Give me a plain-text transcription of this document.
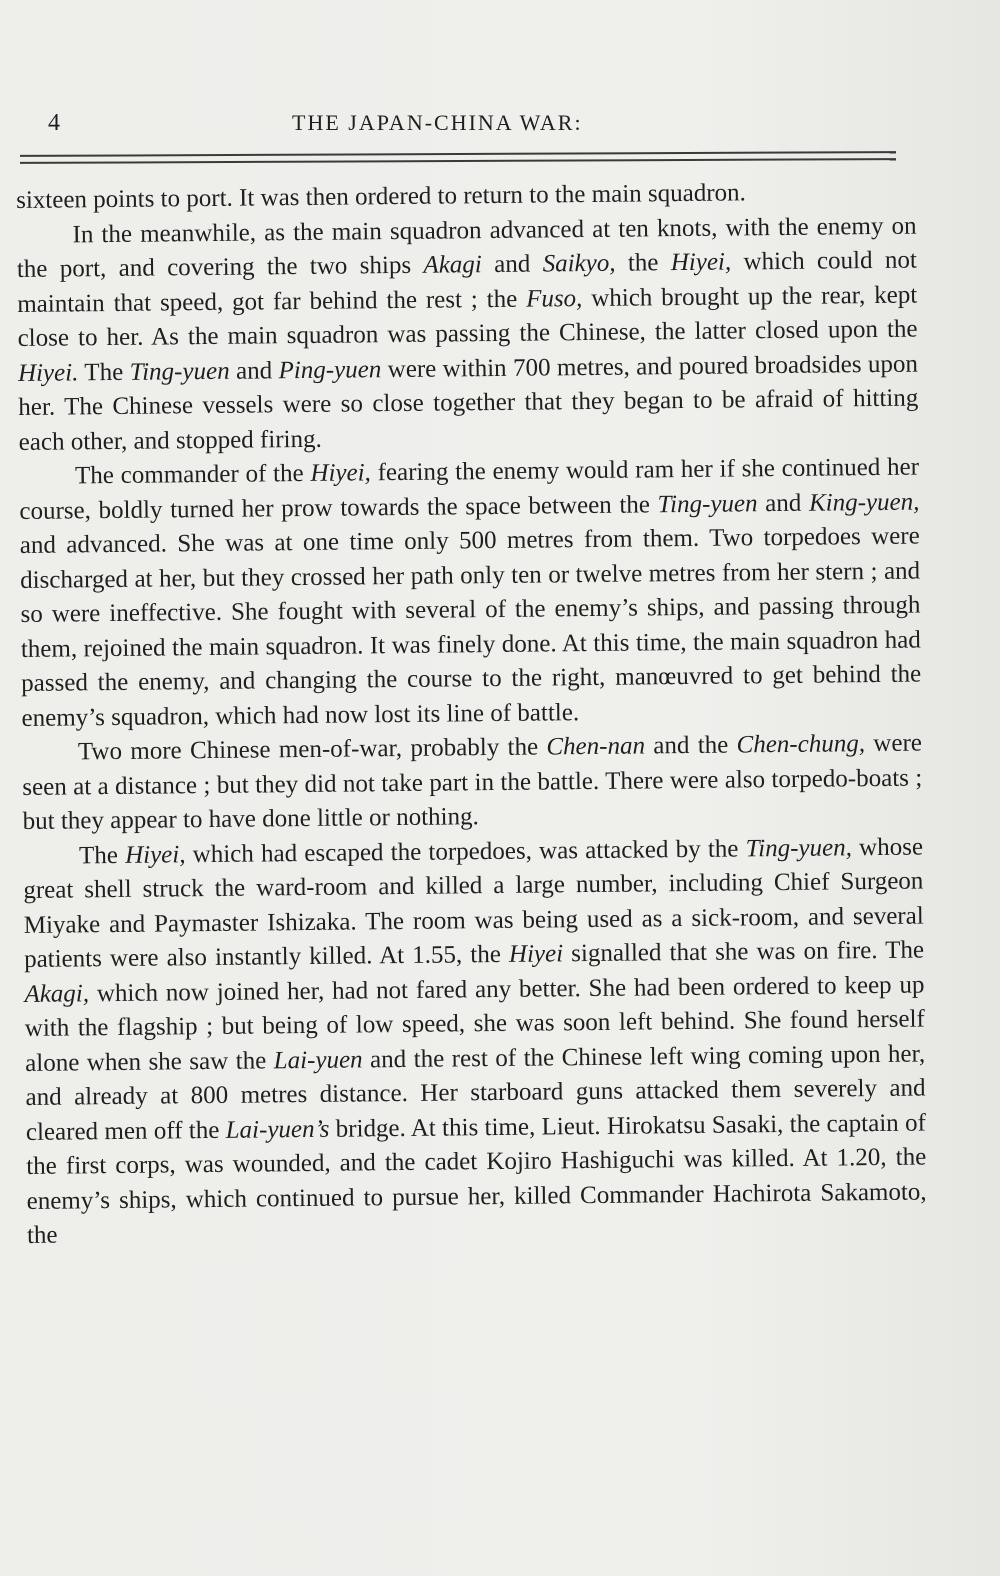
4	THE JAPAN-CHINA WAR:

sixteen points to port. It was then ordered to return to the main squadron.

In the meanwhile, as the main squadron advanced at ten knots, with the enemy on the port, and covering the two ships Akagi and Saikyo, the Hiyei, which could not maintain that speed, got far behind the rest ; the Fuso, which brought up the rear, kept close to her. As the main squadron was passing the Chinese, the latter closed upon the Hiyei. The Ting-yuen and Ping-yuen were within 700 metres, and poured broadsides upon her. The Chinese vessels were so close together that they began to be afraid of hitting each other, and stopped firing.

The commander of the Hiyei, fearing the enemy would ram her if she continued her course, boldly turned her prow towards the space between the Ting-yuen and King-yuen, and advanced. She was at one time only 500 metres from them. Two torpedoes were discharged at her, but they crossed her path only ten or twelve metres from her stern ; and so were ineffective. She fought with several of the enemy’s ships, and passing through them, rejoined the main squadron. It was finely done. At this time, the main squadron had passed the enemy, and changing the course to the right, manœuvred to get behind the enemy’s squadron, which had now lost its line of battle.

Two more Chinese men-of-war, probably the Chen-nan and the Chen-chung, were seen at a distance ; but they did not take part in the battle. There were also torpedo-boats ; but they appear to have done little or nothing.

The Hiyei, which had escaped the torpedoes, was attacked by the Ting-yuen, whose great shell struck the ward-room and killed a large number, including Chief Surgeon Miyake and Paymaster Ishizaka. The room was being used as a sick-room, and several patients were also instantly killed. At 1.55, the Hiyei signalled that she was on fire. The Akagi, which now joined her, had not fared any better. She had been ordered to keep up with the flagship ; but being of low speed, she was soon left behind. She found herself alone when she saw the Lai-yuen and the rest of the Chinese left wing coming upon her, and already at 800 metres distance. Her starboard guns attacked them severely and cleared men off the Lai-yuen’s bridge. At this time, Lieut. Hirokatsu Sasaki, the captain of the first corps, was wounded, and the cadet Kojiro Hashiguchi was killed. At 1.20, the enemy’s ships, which continued to pursue her, killed Commander Hachirota Sakamoto, the
